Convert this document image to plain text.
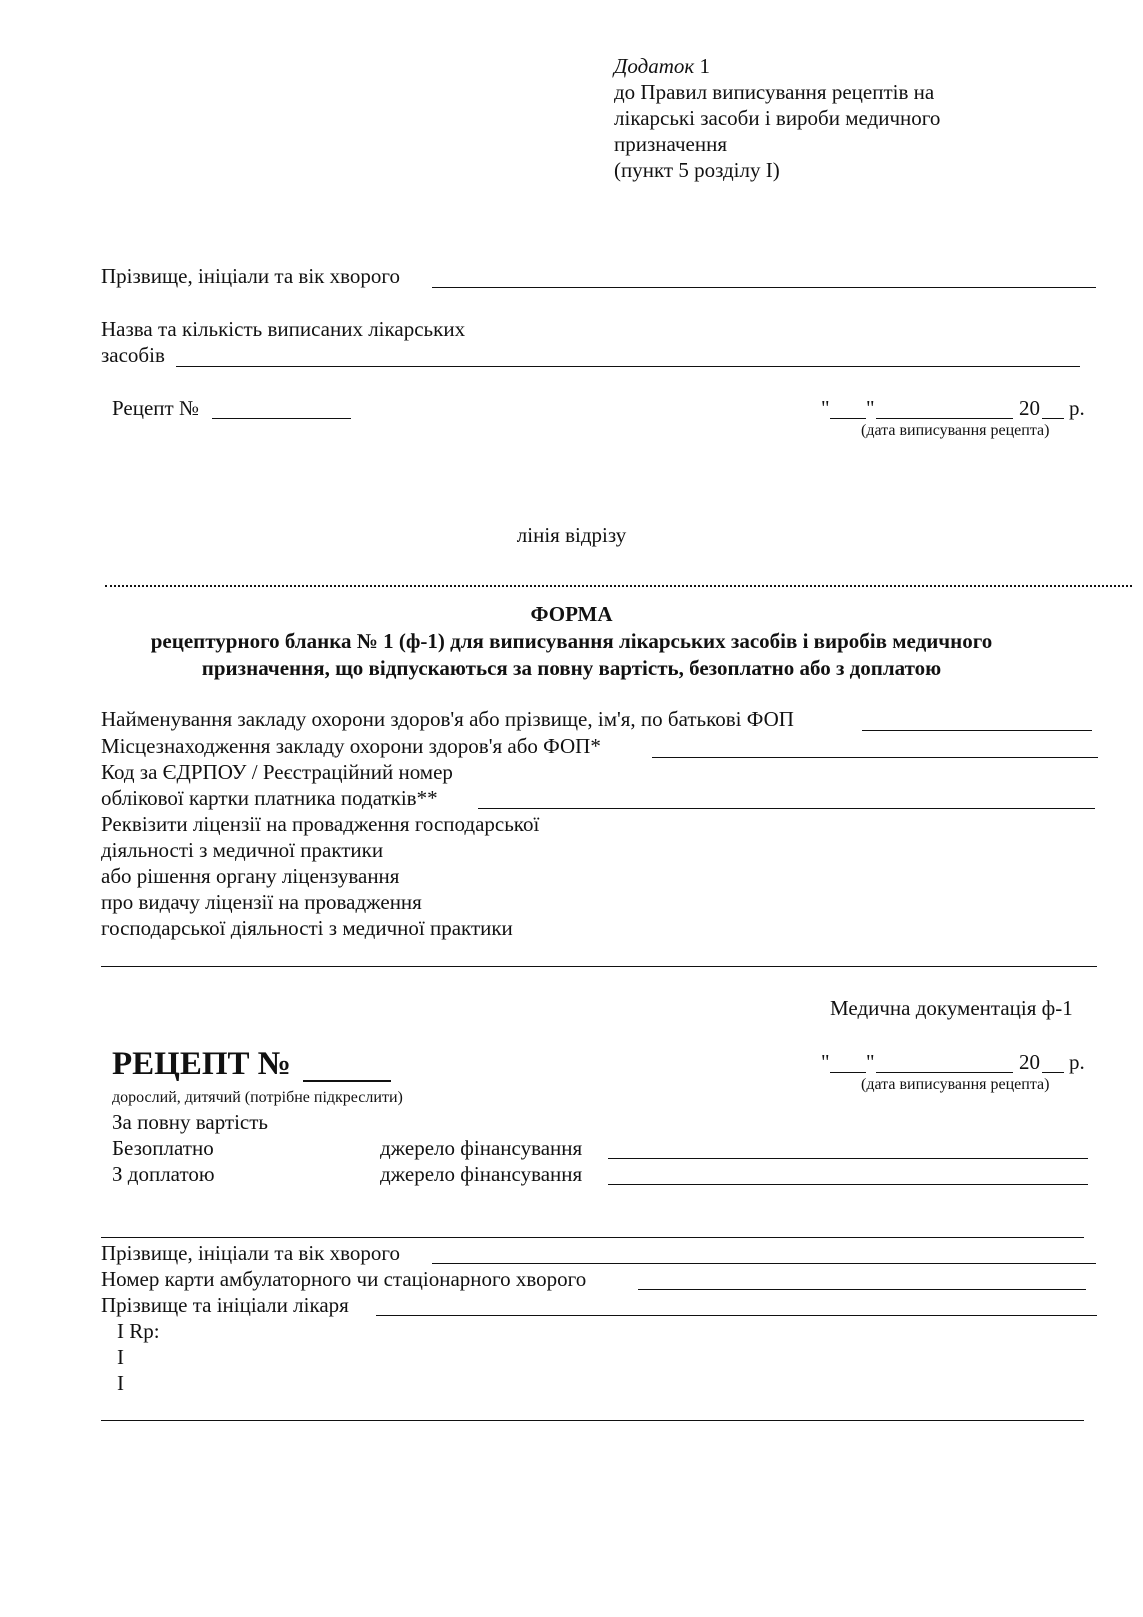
Додаток 1
до Правил виписування рецептів на
лікарські засоби і вироби медичного
призначення
(пункт 5 розділу І)
Прізвище, ініціали та вік хворого
Назва та кількість виписаних лікарських
засобів
Рецепт №	" "	20 р.
(дата виписування рецепта)
лінія відрізу
ФОРМА
рецептурного бланка № 1 (ф-1) для виписування лікарських засобів і виробів медичного
призначення, що відпускаються за повну вартість, безоплатно або з доплатою
Найменування закладу охорони здоров'я або прізвище, ім'я, по батькові ФОП
Місцезнаходження закладу охорони здоров'я або ФОП*
Код за ЄДРПОУ / Реєстраційний номер
облікової картки платника податків**
Реквізити ліцензії на провадження господарської
діяльності з медичної практики
або рішення органу ліцензування
про видачу ліцензії на провадження
господарської діяльності з медичної практики
Медична документація ф-1
РЕЦЕПТ №
дорослий, дитячий (потрібне підкреслити)
" "	20 р.
(дата виписування рецепта)
За повну вартість
Безоплатно	джерело фінансування
З доплатою	джерело фінансування
Прізвище, ініціали та вік хворого
Номер карти амбулаторного чи стаціонарного хворого
Прізвище та ініціали лікаря
I Rp:
I
I
